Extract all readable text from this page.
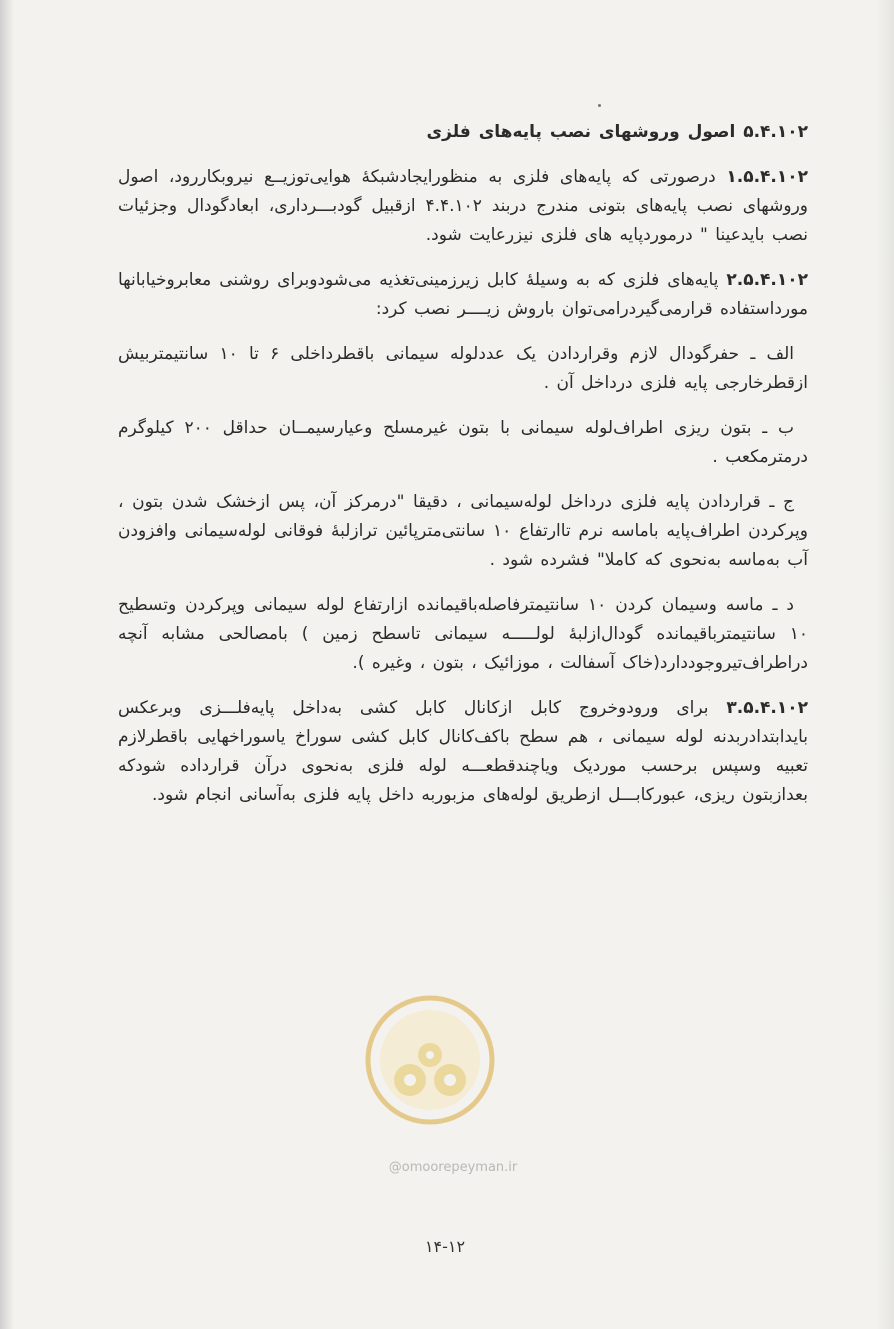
۵.۴.۱۰۲ اصول وروشهای نصب پایه‌های فلزی

۱.۵.۴.۱۰۲ درصورتی که پایه‌های فلزی به منظورایجادشبکهٔ هوایی‌توزیــع نیروبکاررود، اصول وروشهای نصب پایه‌های بتونی مندرج دربند ۴.۴.۱۰۲ ازقبیل گودبـــرداری، ابعادگودال وجزئیات نصب بایدعینا " درموردپایه های فلزی نیزرعایت شود.

۲.۵.۴.۱۰۲ پایه‌های فلزی که به وسیلهٔ کابل زیرزمینی‌تغذیه می‌شودوبرای روشنی معابروخیابانها مورداستفاده قرارمی‌گیردرامی‌توان باروش زیــــر نصب کرد:

الف ـ حفرگودال لازم وقراردادن یک عددلوله سیمانی باقطرداخلی ۶ تا ۱۰ سانتیمتربیش ازقطرخارجی پایه فلزی درداخل آن .

ب ـ بتون ریزی اطراف‌لوله سیمانی با بتون غیرمسلح وعیارسیمــان حداقل ۲۰۰ کیلوگرم درمترمکعب .

ج ـ قراردادن پایه فلزی درداخل لوله‌سیمانی ، دقیقا "درمرکز آن، پس ازخشک شدن بتون ، وپرکردن اطراف‌پایه باماسه نرم تاارتفاع ۱۰ سانتی‌مترپائین ترازلبهٔ فوقانی لوله‌سیمانی وافزودن آب به‌ماسه به‌نحوی که کاملا" فشرده شود .

د ـ ماسه وسیمان کردن ۱۰ سانتیمترفاصله‌باقیمانده ازارتفاع لوله سیمانی وپرکردن وتسطیح ۱۰ سانتیمترباقیمانده گودال‌ازلبهٔ لولـــــه سیمانی تاسطح زمین ) بامصالحی مشابه آنچه دراطراف‌تیروجوددارد(خاک آسفالت ، موزائیک ، بتون ، وغیره ).

۳.۵.۴.۱۰۲ برای ورودوخروج کابل ازکانال کابل کشی به‌داخل پایه‌فلـــزی وبرعکس بایدابتدادربدنه لوله سیمانی ، هم سطح باکف‌کانال کابل کشی سوراخ یاسوراخهایی باقطرلازم تعبیه وسپس برحسب موردیک ویاچندقطعـــه لوله فلزی به‌نحوی درآن قرارداده شودکه بعدازبتون ریزی، عبورکابـــل ازطریق لوله‌های مزبوربه داخل پایه فلزی به‌آسانی انجام شود.

@omoorepeyman.ir
۱۴-۱۲
